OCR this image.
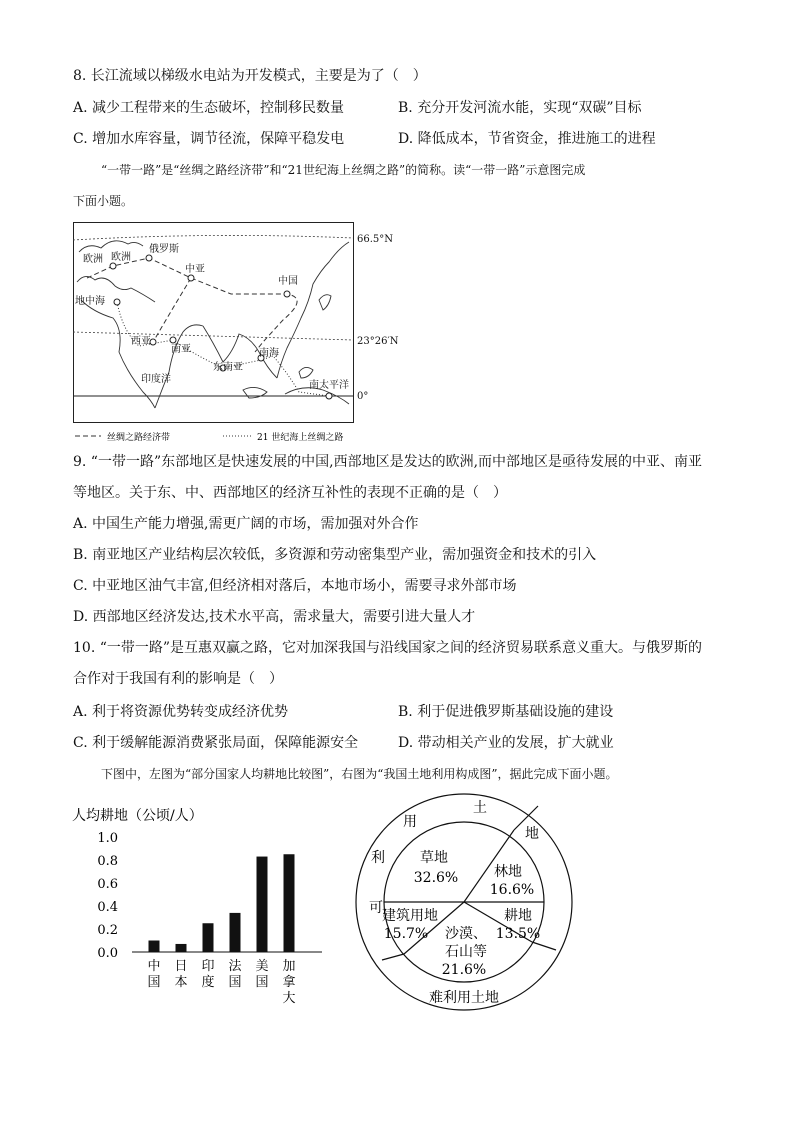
8. 长江流域以梯级水电站为开发模式，主要是为了（　）
A. 减少工程带来的生态破坏，控制移民数量	B. 充分开发河流水能，实现“双碳”目标
C. 增加水库容量，调节径流，保障平稳发电	D. 降低成本，节省资金，推进施工的进程
“一带一路”是“丝绸之路经济带”和“21世纪海上丝绸之路”的简称。读“一带一路”示意图完成
下面小题。
66.5°N
23°26′N
0°
欧洲 欧洲
俄罗斯
中亚
中国
地中海
西亚
南亚	南海
东南亚
印度洋
南太平洋
丝绸之路经济带	21 世纪海上丝绸之路
9. “一带一路”东部地区是快速发展的中国,西部地区是发达的欧洲,而中部地区是亟待发展的中亚、南亚
等地区。关于东、中、西部地区的经济互补性的表现不正确的是（　）
A. 中国生产能力增强,需更广阔的市场，需加强对外合作
B. 南亚地区产业结构层次较低，多资源和劳动密集型产业，需加强资金和技术的引入
C. 中亚地区油气丰富,但经济相对落后，本地市场小，需要寻求外部市场
D. 西部地区经济发达,技术水平高，需求量大，需要引进大量人才
10. “一带一路”是互惠双赢之路，它对加深我国与沿线国家之间的经济贸易联系意义重大。与俄罗斯的
合作对于我国有利的影响是（　）
A. 利于将资源优势转变成经济优势	B. 利于促进俄罗斯基础设施的建设
C. 利于缓解能源消费紧张局面，保障能源安全	D. 带动相关产业的发展，扩大就业
下图中，左图为“部分国家人均耕地比较图”，右图为“我国土地利用构成图”，据此完成下面小题。
人均耕地（公顷/人）
1.0
0.8
0.6
0.4
0.2
0.0
中
国
日
本
印
度
法
国
美
国
加
拿
大
可
利
用
土
地
难利用土地
草地
32.6%	林地
16.6%
建筑用地
15.7%
耕地
13.5%
沙漠、
石山等
21.6%
